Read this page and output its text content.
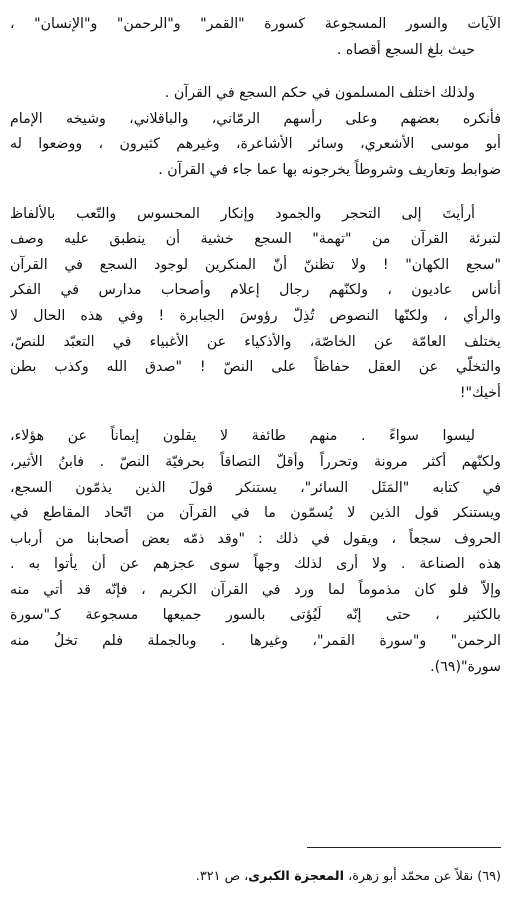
الآيات والسور المسجوعة كسورة "القمر" و"الرحمن" و"الإنسان" ،
حيث بلغ السجع أقصاه .
ولذلك اختلف المسلمون في حكم السجع في القرآن .
فأنكره بعضهم وعلى رأسهم الرمّاني، والباقلاني، وشيخه الإمام
أبو موسى الأشعري، وسائر الأشاعرة، وغيرهم كثيرون ، ووضعوا له
ضوابط وتعاريف وشروطاً يخرجونه بها عما جاء في القرآن .
أرأيتَ إلى التحجر والجمود وإنكار المحسوس والتّعب بالألفاظ
لتبرئة القرآن من "تهمة" السجع خشية أن ينطبق عليه وصف
"سجع الكهان" ! ولا تظننّ أنّ المنكرين لوجود السجع في القرآن
أناس عاديون ، ولكنّهم رجال إعلام وأصحاب مدارس في الفكر
والرأي ، ولكنّها النصوص تُذِلّ رؤوسَ الجبابرة ! وفي هذه الحال لا
يختلف العامّة عن الخاصّة، والأذكياء عن الأغبياء في التعبّد للنصّ،
والتخلّي عن العقل حفاظاً على النصّ ! "صدق الله وكذب بطن
أخيك"!
ليسوا سواءً . منهم طائفة لا يقلون إيماناً عن هؤلاء،
ولكنّهم أكثر مرونة وتحرراً وأقلّ التصاقاً بحرفيّة النصّ . فابنُ الأثير،
في كتابه "المَثَل السائر"، يستنكر قولَ الذين يذمّون السجع،
ويستنكر قول الذين لا يُسمّون ما في القرآن من اتّحاد المقاطع في
الحروف سجعاً ، ويقول في ذلك : "وقد ذمّه بعض أصحابنا من أرباب
هذه الصناعة . ولا أرى لذلك وجهاً سوى عجزهم عن أن يأتوا به .
وإلاّ فلو كان مذموماً لما ورد في القرآن الكريم ، فإنّه قد أتي منه
بالكثير ، حتى إنّه لَيُؤتى بالسور جميعها مسجوعة كـ"سورة
الرحمن" و"سورة القمر"، وغيرها . وبالجملة فلم تخلُ منه
سورة"(٦٩).
(٦٩) نقلاً عن محمّد أبو زهرة، المعجزة الكبرى، ص ٣٢١.
